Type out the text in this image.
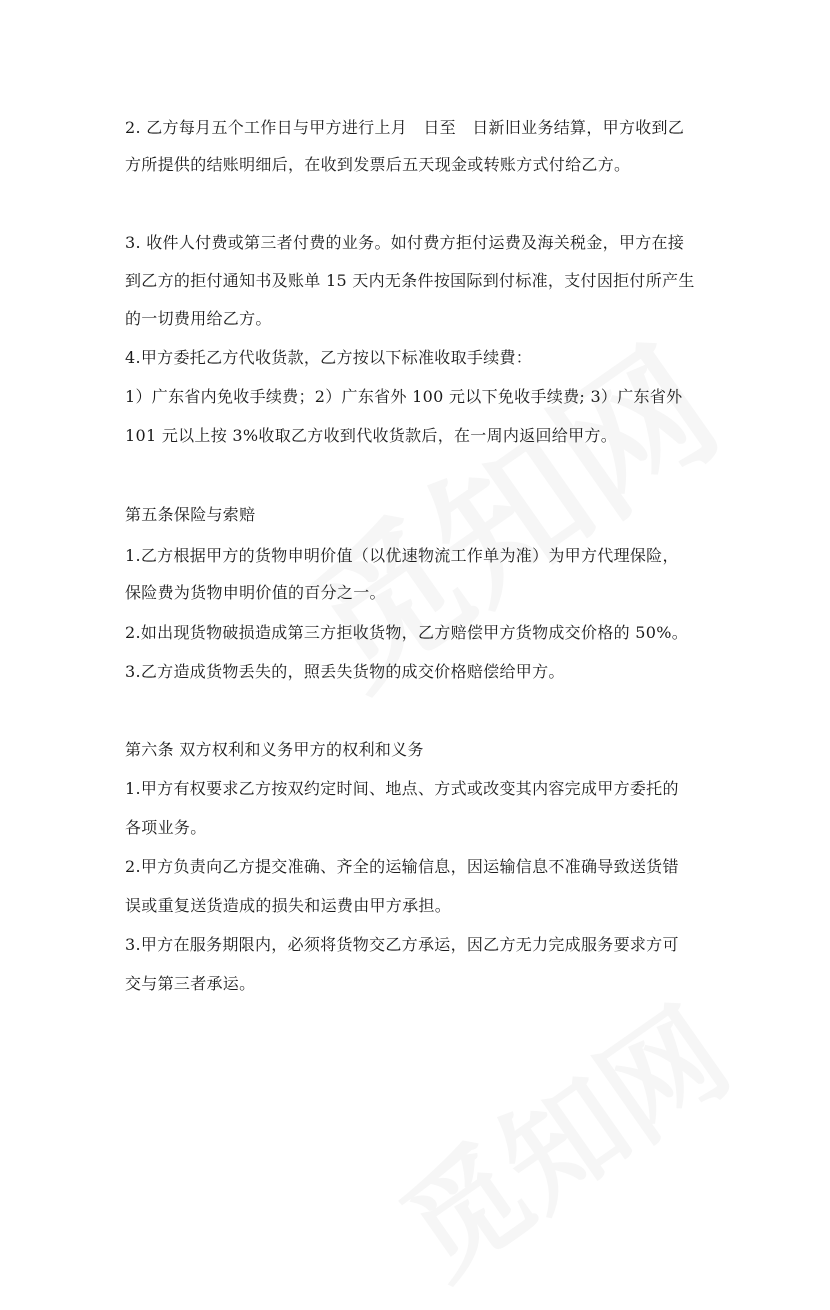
2. 乙方每月五个工作日与甲方进行上月　日至　日新旧业务结算，甲方收到乙

方所提供的结账明细后，在收到发票后五天现金或转账方式付给乙方。

3. 收件人付费或第三者付费的业务。如付费方拒付运费及海关税金，甲方在接

到乙方的拒付通知书及账单 15 天内无条件按国际到付标准，支付因拒付所产生

的一切费用给乙方。

4.甲方委托乙方代收货款，乙方按以下标准收取手续費：

1）广东省内免收手续费；2）广东省外 100 元以下免收手续费; 3）广东省外

101 元以上按 3%收取乙方收到代收货款后，在一周内返回给甲方。

第五条保险与索赔

1.乙方根据甲方的货物申明价值（以优速物流工作单为准）为甲方代理保险，

保险费为货物申明价值的百分之一。

2.如出现货物破损造成第三方拒收货物，乙方赔偿甲方货物成交价格的 50%。

3.乙方造成货物丢失的，照丢失货物的成交价格赔偿给甲方。

第六条 双方权利和义务甲方的权利和义务

1.甲方有权要求乙方按双约定时间、地点、方式或改变其内容完成甲方委托的

各项业务。

2.甲方负责向乙方提交准确、齐全的运输信息，因运输信息不准确导致送货错

误或重复送货造成的损失和运费由甲方承担。

3.甲方在服务期限内，必须将货物交乙方承运，因乙方无力完成服务要求方可

交与第三者承运。
